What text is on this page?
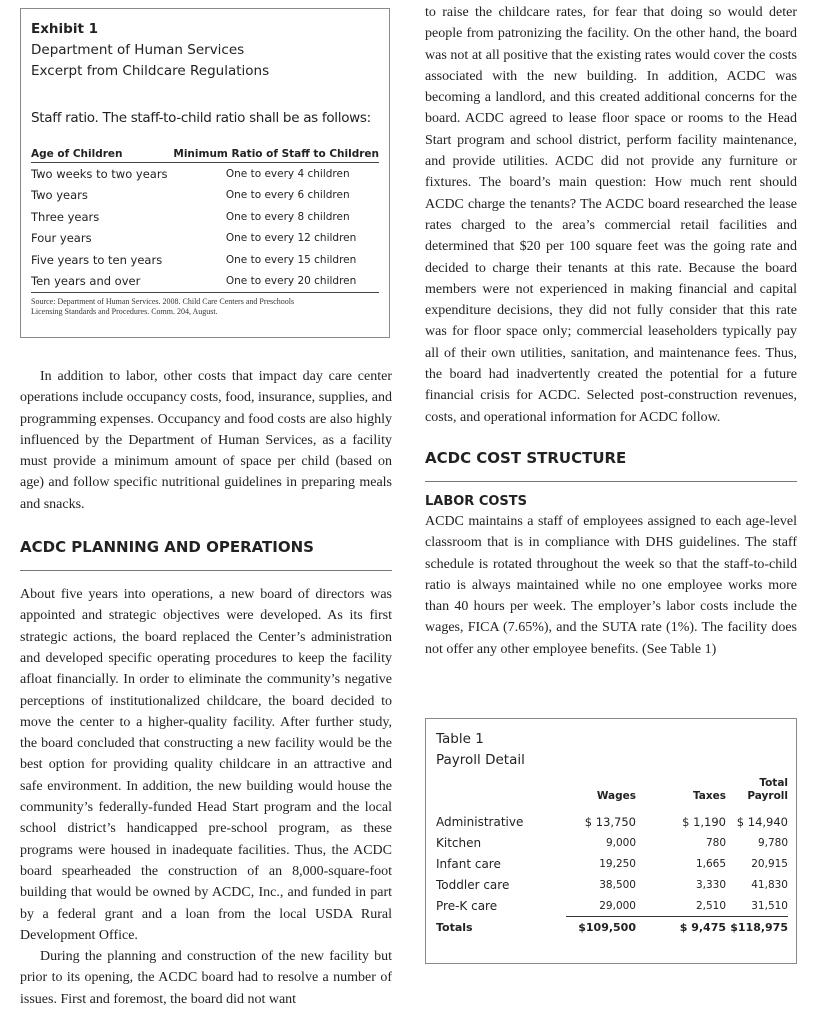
Exhibit 1
Department of Human Services
Excerpt from Childcare Regulations
Staff ratio. The staff-to-child ratio shall be as follows:
Age of Children	Minimum Ratio of Staff to Children
Two weeks to two years	One to every 4 children
Two years	One to every 6 children
Three years	One to every 8 children
Four years	One to every 12 children
Five years to ten years	One to every 15 children
Ten years and over	One to every 20 children
Source: Department of Human Services. 2008. Child Care Centers and Preschools
Licensing Standards and Procedures. Comm. 204, August.

In addition to labor, other costs that impact day care center operations include occupancy costs, food, insurance, supplies, and programming expenses. Occupancy and food costs are also highly influenced by the Department of Human Services, as a facility must provide a minimum amount of space per child (based on age) and follow specific nutritional guidelines in preparing meals and snacks.

ACDC PLANNING AND OPERATIONS

About five years into operations, a new board of directors was appointed and strategic objectives were developed. As its first strategic actions, the board replaced the Center’s administration and developed specific operating procedures to keep the facility afloat financially. In order to eliminate the community’s negative perceptions of institutionalized childcare, the board decided to move the center to a higher-quality facility. After further study, the board concluded that constructing a new facility would be the best option for providing quality childcare in an attractive and safe environment. In addition, the new building would house the community’s federally-funded Head Start program and the local school district’s handicapped pre-school program, as these programs were housed in inadequate facilities. Thus, the ACDC board spearheaded the construction of an 8,000-square-foot building that would be owned by ACDC, Inc., and funded in part by a federal grant and a loan from the local USDA Rural Development Office.

During the planning and construction of the new facility but prior to its opening, the ACDC board had to resolve a number of issues. First and foremost, the board did not want

to raise the childcare rates, for fear that doing so would deter people from patronizing the facility. On the other hand, the board was not at all positive that the existing rates would cover the costs associated with the new building. In addition, ACDC was becoming a landlord, and this created additional concerns for the board. ACDC agreed to lease floor space or rooms to the Head Start program and school district, perform facility maintenance, and provide utilities. ACDC did not provide any furniture or fixtures. The board’s main question: How much rent should ACDC charge the tenants? The ACDC board researched the lease rates charged to the area’s commercial retail facilities and determined that $20 per 100 square feet was the going rate and decided to charge their tenants at this rate. Because the board members were not experienced in making financial and capital expenditure decisions, they did not fully consider that this rate was for floor space only; commercial leaseholders typically pay all of their own utilities, sanitation, and maintenance fees. Thus, the board had inadvertently created the potential for a future financial crisis for ACDC. Selected post-construction revenues, costs, and operational information for ACDC follow.

ACDC COST STRUCTURE
LABOR COSTS

ACDC maintains a staff of employees assigned to each age-level classroom that is in compliance with DHS guidelines. The staff schedule is rotated throughout the week so that the staff-to-child ratio is always maintained while no one employee works more than 40 hours per week. The employer’s labor costs include the wages, FICA (7.65%), and the SUTA rate (1%). The facility does not offer any other employee benefits. (See Table 1)

Table 1
Payroll Detail
	Wages	Taxes	Total
Payroll

Administrative	$ 13,750	$ 1,190	$ 14,940
Kitchen	9,000	780	9,780
Infant care	19,250	1,665	20,915
Toddler care	38,500	3,330	41,830
Pre-K care	29,000	2,510	31,510
Totals	$109,500	$ 9,475	$118,975
